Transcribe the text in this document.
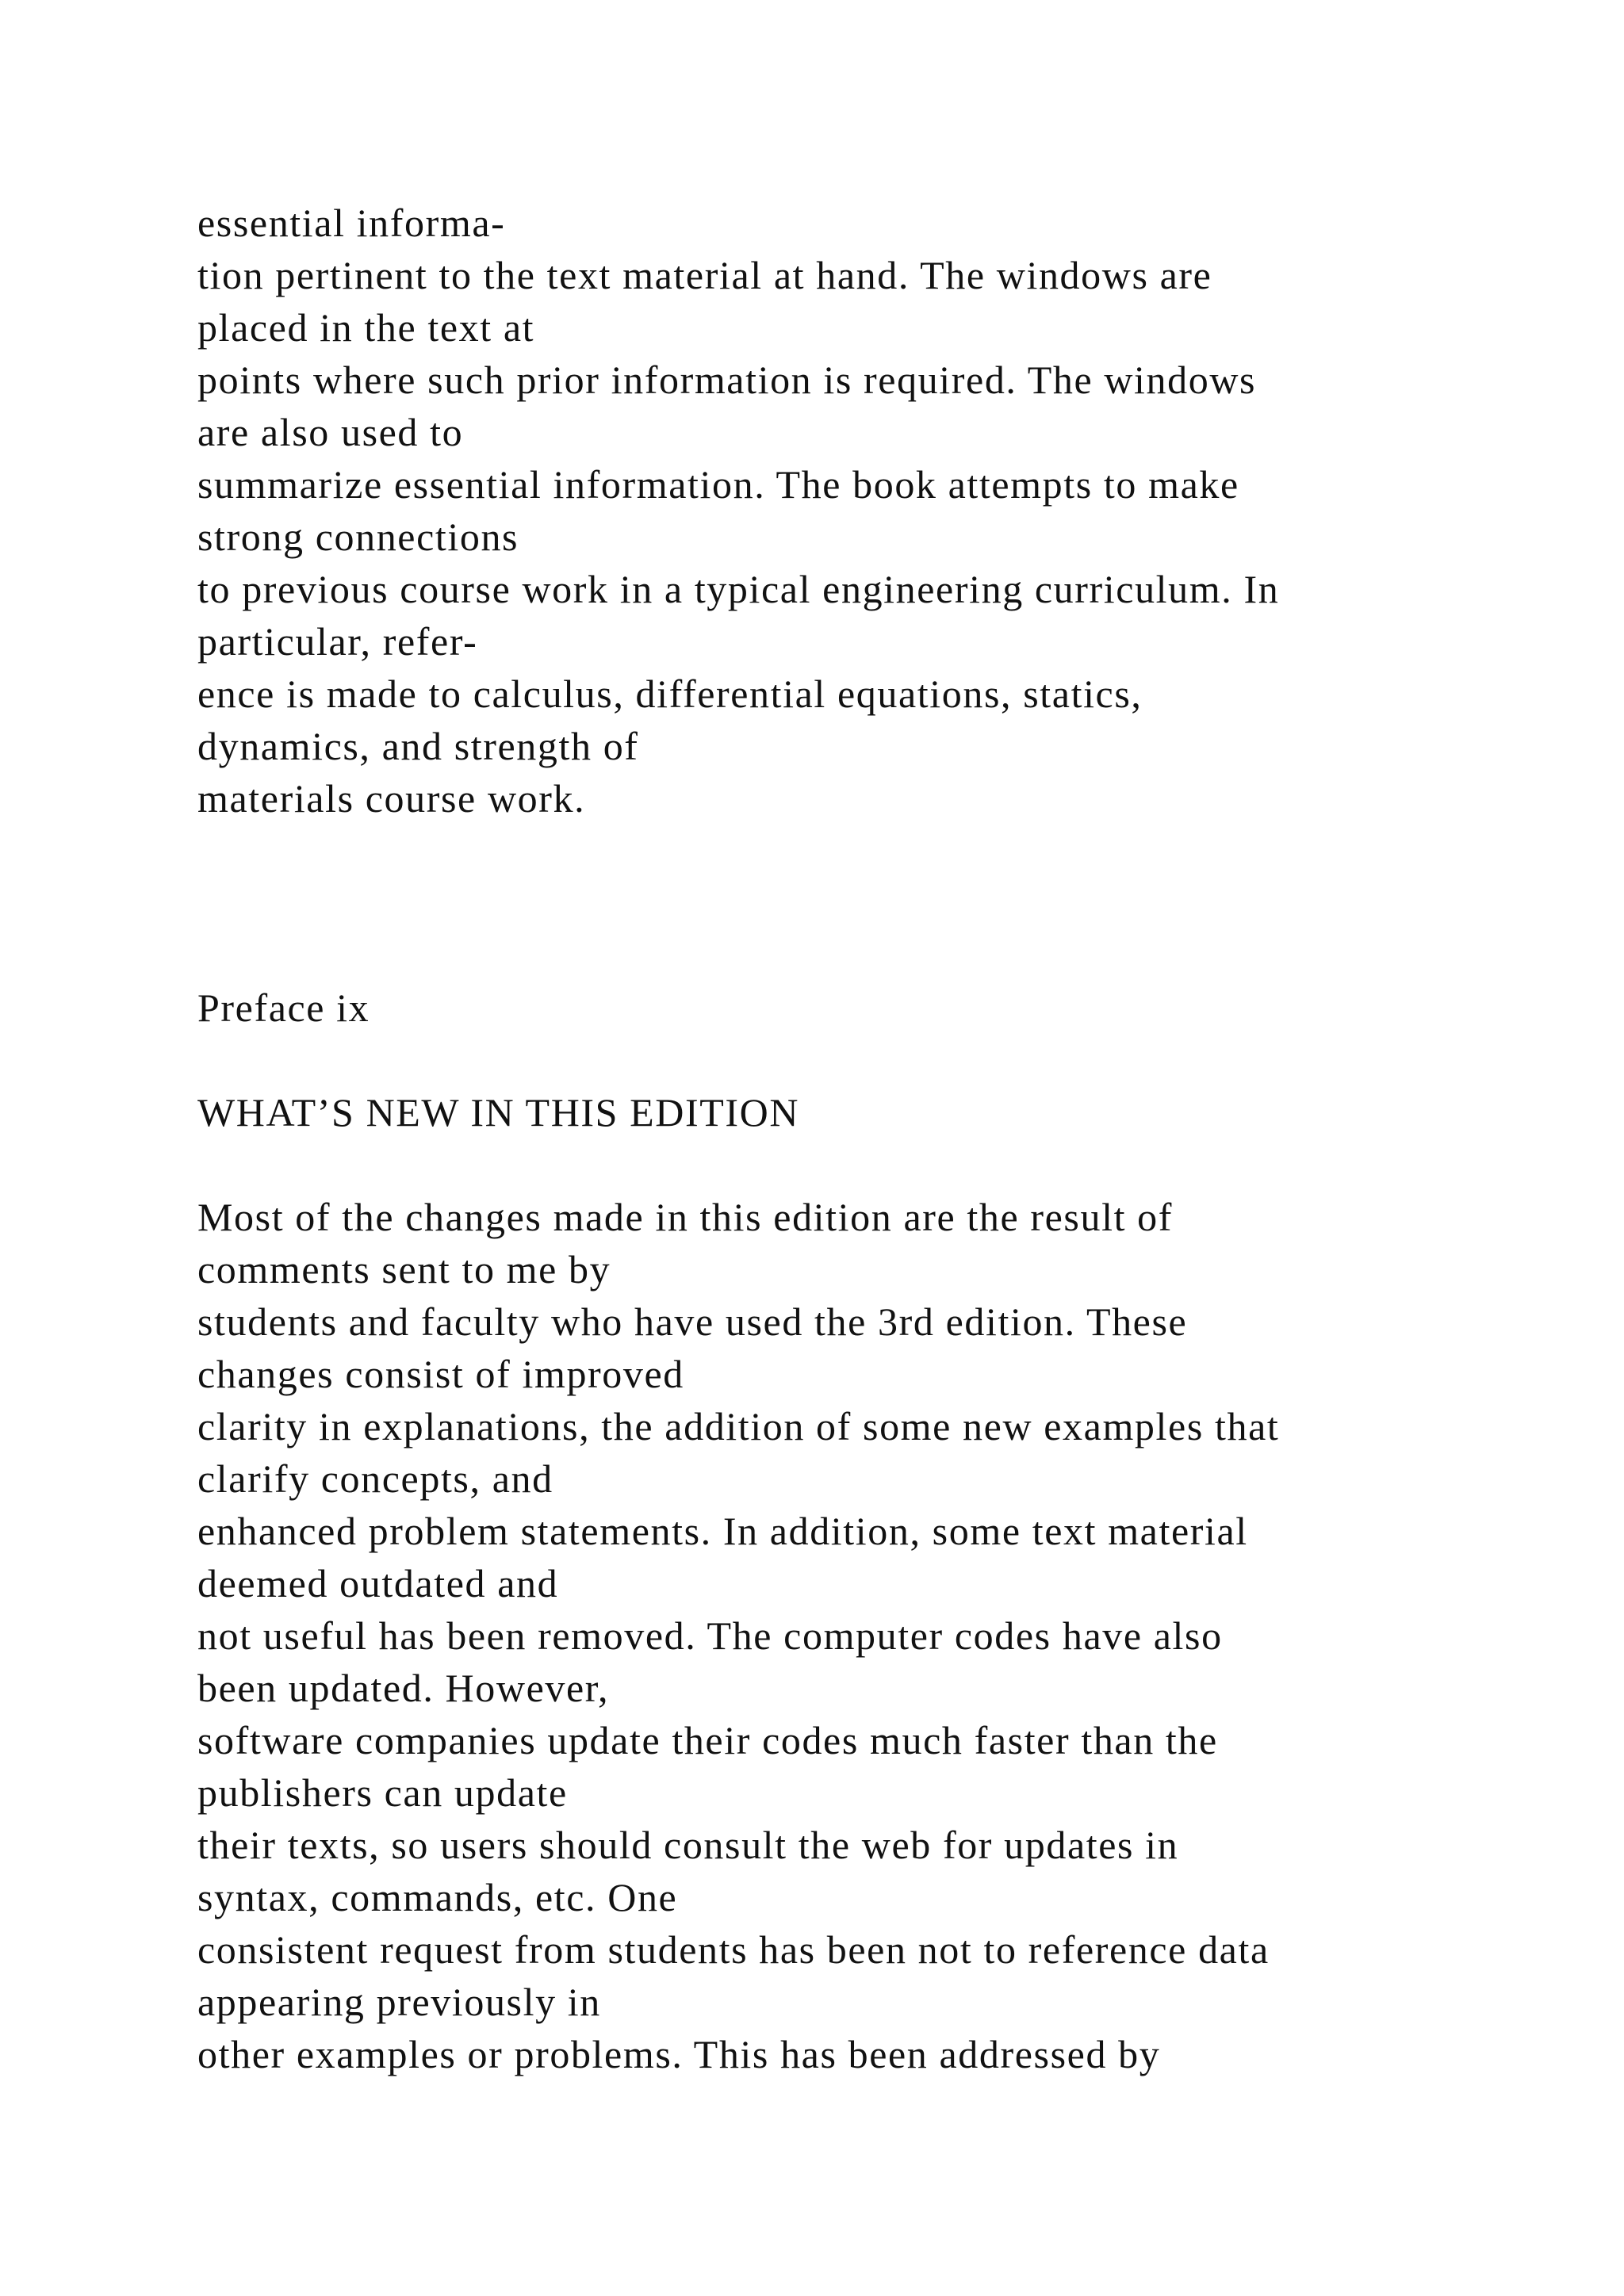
essential informa-

tion pertinent to the text material at hand. The windows are

placed in the text at

points where such prior information is required. The windows

are also used to

summarize essential information. The book attempts to make

strong connections

to previous course work in a typical engineering curriculum. In

particular, refer-

ence is made to calculus, differential equations, statics,

dynamics, and strength of

materials course work.

Preface ix

WHAT’S NEW IN THIS EDITION

Most of the changes made in this edition are the result of

comments sent to me by

students and faculty who have used the 3rd edition. These

changes consist of improved

clarity in explanations, the addition of some new examples that

clarify concepts, and

enhanced problem statements. In addition, some text material

deemed outdated and

not useful has been removed. The computer codes have also

been updated. However,

software companies update their codes much faster than the

publishers can update

their texts, so users should consult the web for updates in

syntax, commands, etc. One

consistent request from students has been not to reference data

appearing previously in

other examples or problems. This has been addressed by
